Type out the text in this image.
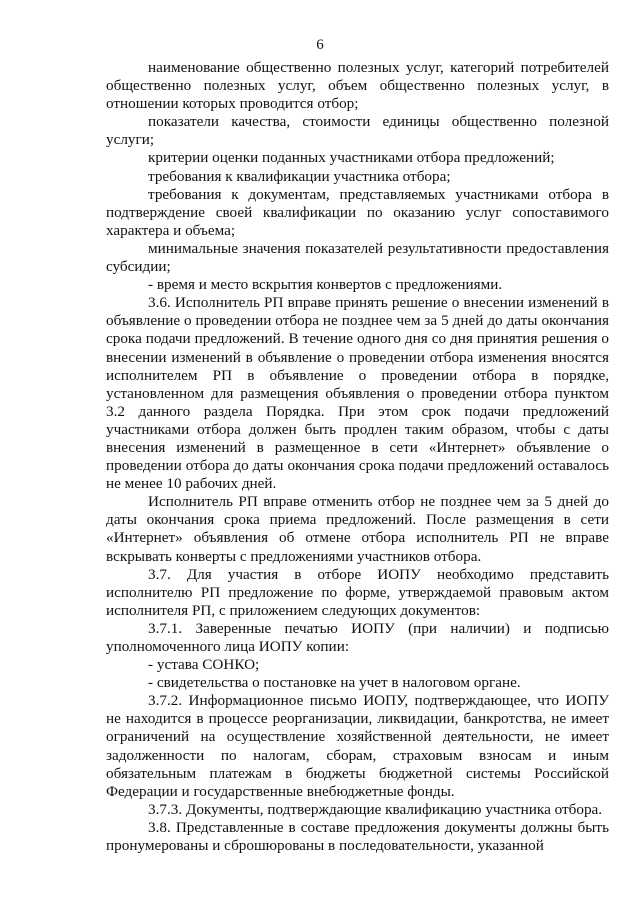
6

наименование общественно полезных услуг, категорий потребителей общественно полезных услуг, объем общественно полезных услуг, в отношении которых проводится отбор;

показатели качества, стоимости единицы общественно полезной услуги;

критерии оценки поданных участниками отбора предложений;

требования к квалификации участника отбора;

требования к документам, представляемых участниками отбора в подтверждение своей квалификации по оказанию услуг сопоставимого характера и объема;

минимальные значения показателей результативности предоставления субсидии;

- время и место вскрытия конвертов с предложениями.

3.6. Исполнитель РП вправе принять решение о внесении изменений в объявление о проведении отбора не позднее чем за 5 дней до даты окончания срока подачи предложений. В течение одного дня со дня принятия решения о внесении изменений в объявление о проведении отбора изменения вносятся исполнителем РП в объявление о проведении отбора в порядке, установленном для размещения объявления о проведении отбора пунктом 3.2 данного раздела Порядка. При этом срок подачи предложений участниками отбора должен быть продлен таким образом, чтобы с даты внесения изменений в размещенное в сети «Интернет» объявление о проведении отбора до даты окончания срока подачи предложений оставалось не менее 10 рабочих дней.

Исполнитель РП вправе отменить отбор не позднее чем за 5 дней до даты окончания срока приема предложений. После размещения в сети «Интернет» объявления об отмене отбора исполнитель РП не вправе вскрывать конверты с предложениями участников отбора.

3.7. Для участия в отборе ИОПУ необходимо представить исполнителю РП предложение по форме, утверждаемой правовым актом исполнителя РП, с приложением следующих документов:

3.7.1. Заверенные печатью ИОПУ (при наличии) и подписью уполномоченного лица ИОПУ копии:

- устава СОНКО;

- свидетельства о постановке на учет в налоговом органе.

3.7.2. Информационное письмо ИОПУ, подтверждающее, что ИОПУ не находится в процессе реорганизации, ликвидации, банкротства, не имеет ограничений на осуществление хозяйственной деятельности, не имеет задолженности по налогам, сборам, страховым взносам и иным обязательным платежам в бюджеты бюджетной системы Российской Федерации и государственные внебюджетные фонды.

3.7.3. Документы, подтверждающие квалификацию участника отбора.

3.8. Представленные в составе предложения документы должны быть пронумерованы и сброшюрованы в последовательности, указанной
